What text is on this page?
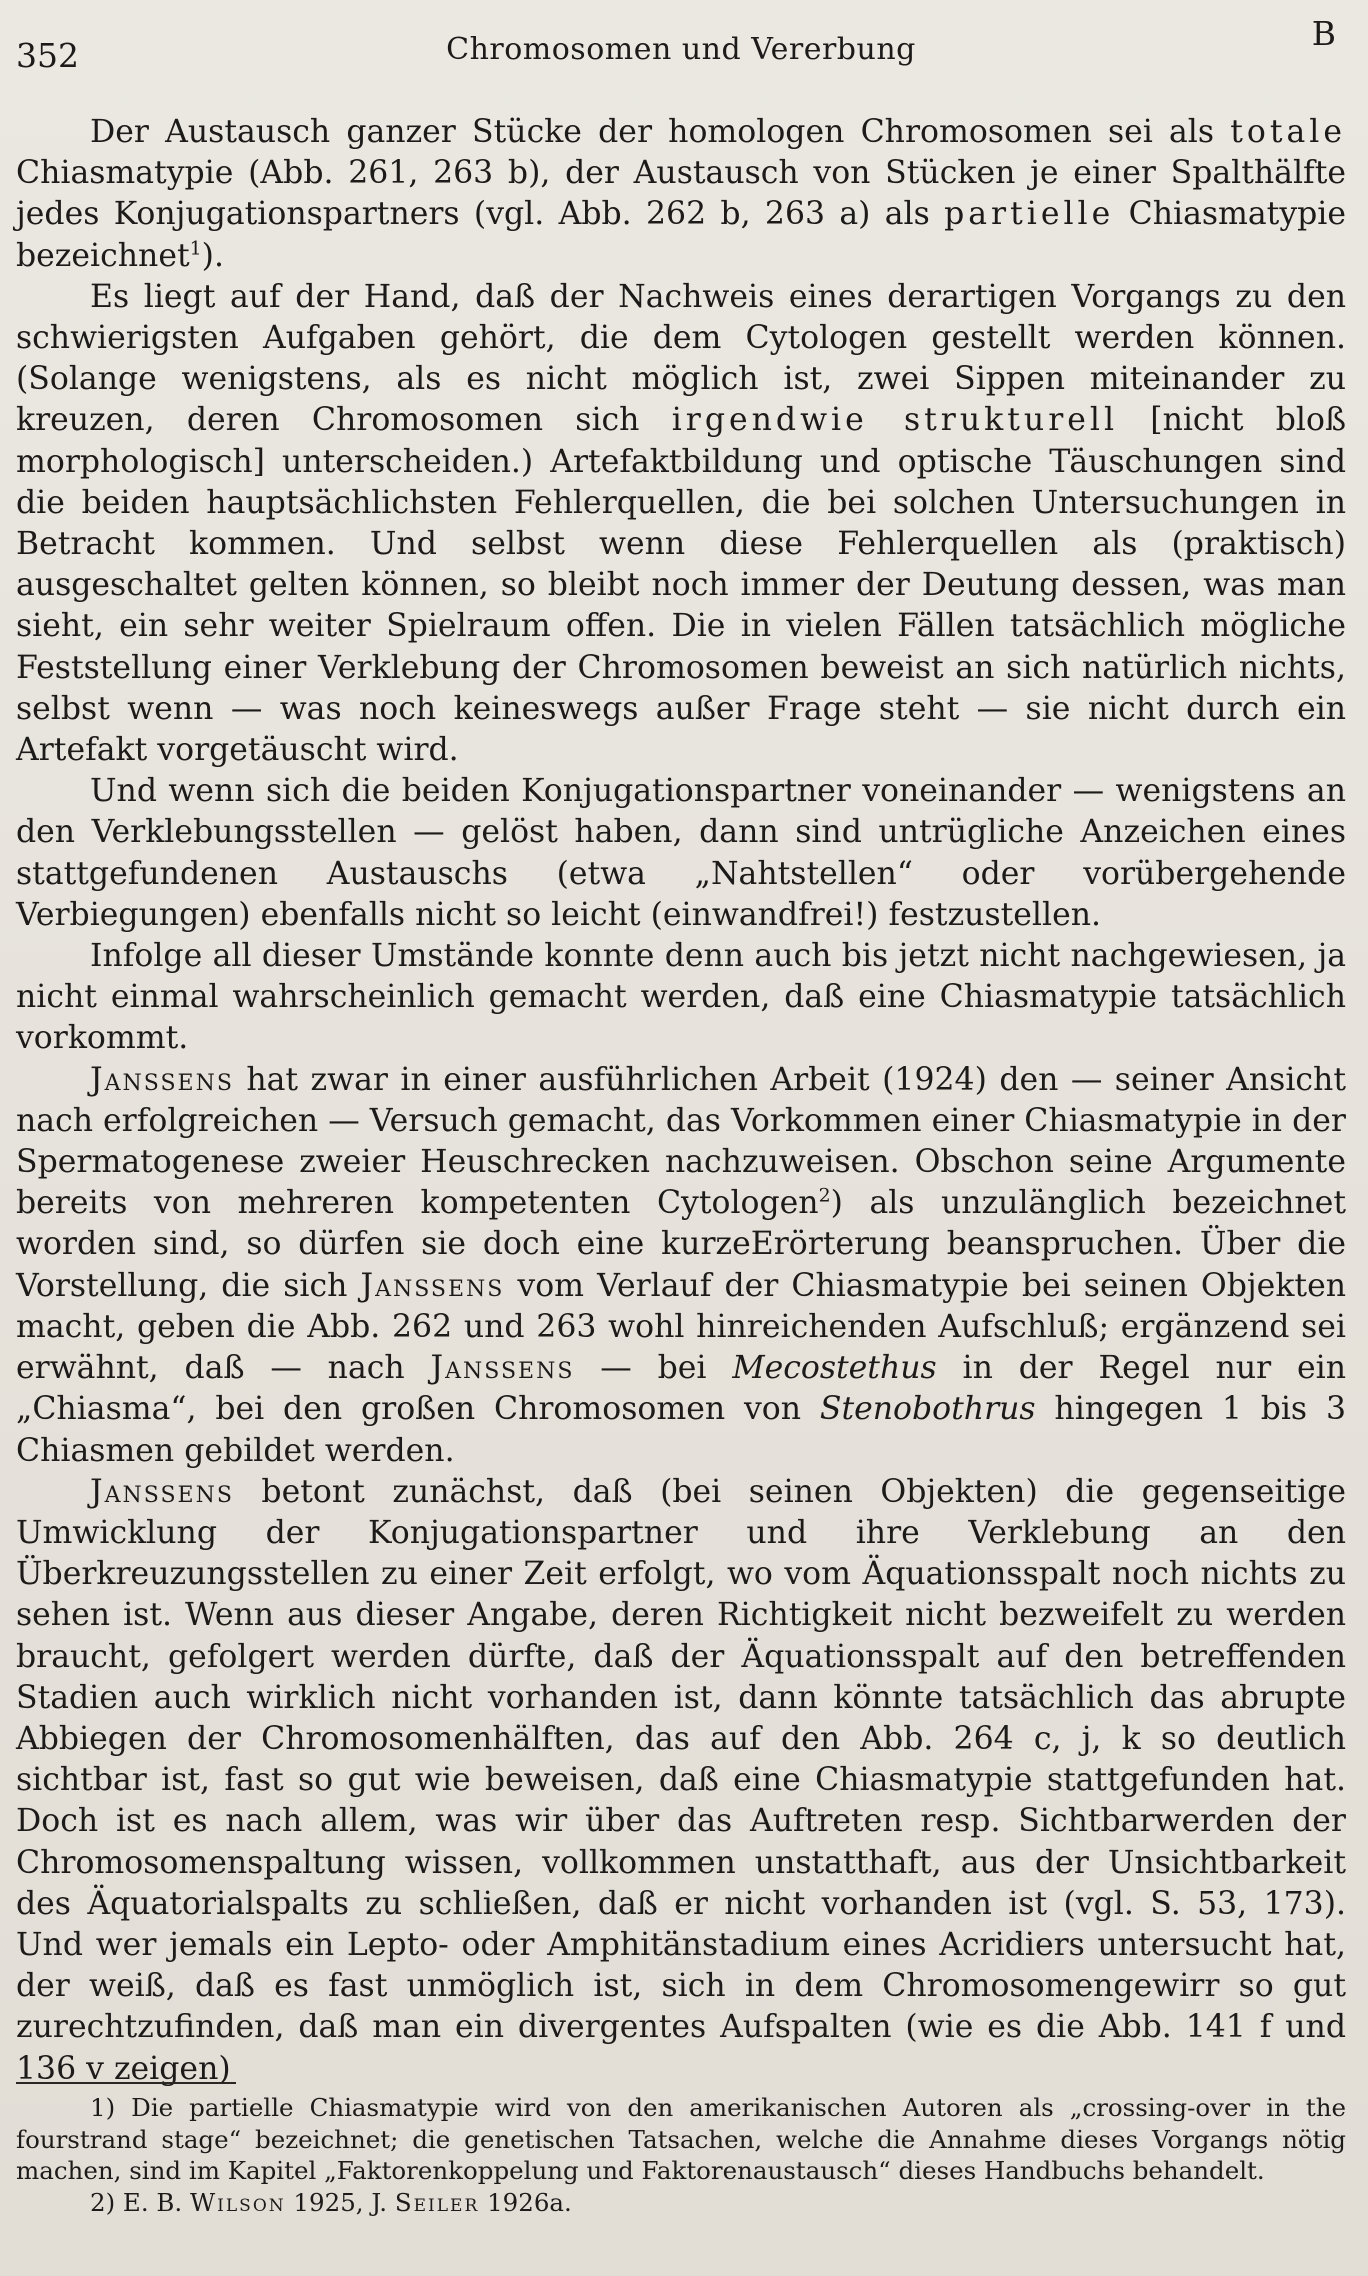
352	Chromosomen und Vererbung	B

Der Austausch ganzer Stücke der homologen Chromosomen sei als totale Chiasmatypie (Abb. 261, 263 b), der Austausch von Stücken je einer Spalthälfte jedes Konjugationspartners (vgl. Abb. 262 b, 263 a) als partielle Chiasmatypie bezeichnet$^1$).

Es liegt auf der Hand, daß der Nachweis eines derartigen Vorgangs zu den schwierigsten Aufgaben gehört, die dem Cytologen gestellt werden können. (Solange wenigstens, als es nicht möglich ist, zwei Sippen miteinander zu kreuzen, deren Chromosomen sich irgendwie strukturell [nicht bloß morphologisch] unterscheiden.) Artefaktbildung und optische Täuschungen sind die beiden hauptsächlichsten Fehlerquellen, die bei solchen Untersuchungen in Betracht kommen. Und selbst wenn diese Fehlerquellen als (praktisch) ausgeschaltet gelten können, so bleibt noch immer der Deutung dessen, was man sieht, ein sehr weiter Spielraum offen. Die in vielen Fällen tatsächlich mögliche Feststellung einer Verklebung der Chromosomen beweist an sich natürlich nichts, selbst wenn — was noch keineswegs außer Frage steht — sie nicht durch ein Artefakt vorgetäuscht wird.

Und wenn sich die beiden Konjugationspartner voneinander — wenigstens an den Verklebungsstellen — gelöst haben, dann sind untrügliche Anzeichen eines stattgefundenen Austauschs (etwa „Nahtstellen“ oder vorübergehende Verbiegungen) ebenfalls nicht so leicht (einwandfrei!) festzustellen.

Infolge all dieser Umstände konnte denn auch bis jetzt nicht nachgewiesen, ja nicht einmal wahrscheinlich gemacht werden, daß eine Chiasmatypie tatsächlich vorkommt.

Janssens hat zwar in einer ausführlichen Arbeit (1924) den — seiner Ansicht nach erfolgreichen — Versuch gemacht, das Vorkommen einer Chiasmatypie in der Spermatogenese zweier Heuschrecken nachzuweisen. Obschon seine Argumente bereits von mehreren kompetenten Cytologen$^2$) als unzulänglich bezeichnet worden sind, so dürfen sie doch eine kurzeErörterung beanspruchen. Über die Vorstellung, die sich Janssens vom Verlauf der Chiasmatypie bei seinen Objekten macht, geben die Abb. 262 und 263 wohl hinreichenden Aufschluß; ergänzend sei erwähnt, daß — nach Janssens — bei Mecostethus in der Regel nur ein „Chiasma“, bei den großen Chromosomen von Stenobothrus hingegen 1 bis 3 Chiasmen gebildet werden.

Janssens betont zunächst, daß (bei seinen Objekten) die gegenseitige Umwicklung der Konjugationspartner und ihre Verklebung an den Überkreuzungsstellen zu einer Zeit erfolgt, wo vom Äquationsspalt noch nichts zu sehen ist. Wenn aus dieser Angabe, deren Richtigkeit nicht bezweifelt zu werden braucht, gefolgert werden dürfte, daß der Äquationsspalt auf den betreffenden Stadien auch wirklich nicht vorhanden ist, dann könnte tatsächlich das abrupte Abbiegen der Chromosomenhälften, das auf den Abb. 264 c, j, k so deutlich sichtbar ist, fast so gut wie beweisen, daß eine Chiasmatypie stattgefunden hat. Doch ist es nach allem, was wir über das Auftreten resp. Sichtbarwerden der Chromosomenspaltung wissen, vollkommen unstatthaft, aus der Unsichtbarkeit des Äquatorialspalts zu schließen, daß er nicht vorhanden ist (vgl. S. 53, 173). Und wer jemals ein Lepto- oder Amphitänstadium eines Acridiers untersucht hat, der weiß, daß es fast unmöglich ist, sich in dem Chromosomengewirr so gut zurechtzufinden, daß man ein divergentes Aufspalten (wie es die Abb. 141 f und 136 v zeigen)

1) Die partielle Chiasmatypie wird von den amerikanischen Autoren als „crossing-over in the fourstrand stage“ bezeichnet; die genetischen Tatsachen, welche die Annahme dieses Vorgangs nötig machen, sind im Kapitel „Faktorenkoppelung und Faktorenaustausch“ dieses Handbuchs behandelt.

2) E. B. Wilson 1925, J. Seiler 1926a.
